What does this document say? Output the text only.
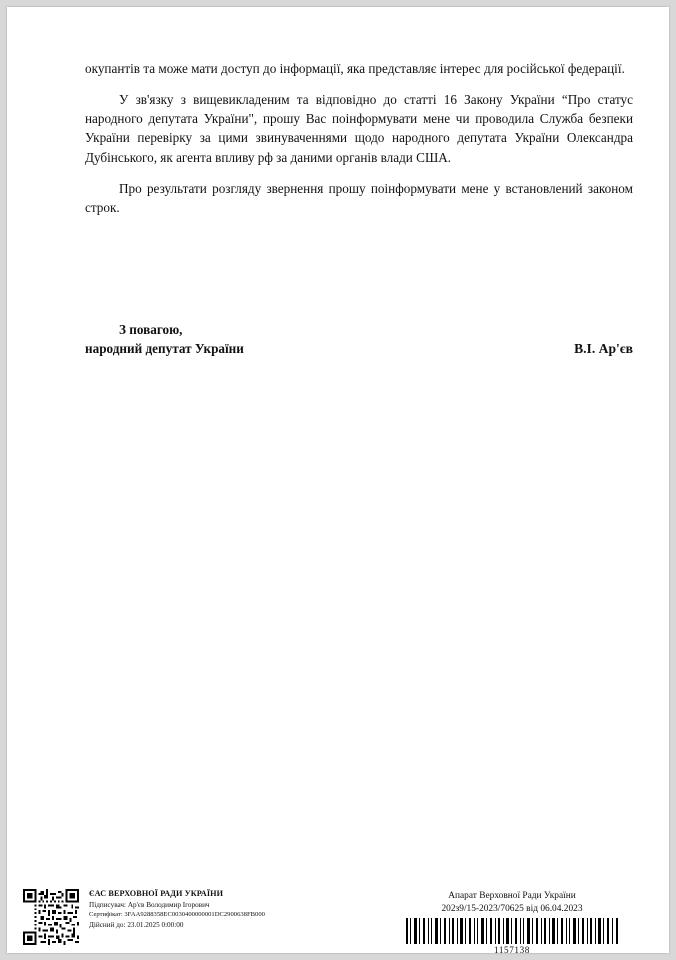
окупантів та може мати доступ до інформації, яка представляє інтерес для російської федерації.

У зв'язку з вищевикладеним та відповідно до статті 16 Закону України “Про статус народного депутата України", прошу Вас поінформувати мене чи проводила Служба безпеки України перевірку за цими звинуваченнями щодо народного депутата України Олександра Дубінського, як агента впливу рф за даними органів влади США.

Про результати розгляду звернення прошу поінформувати мене у встановлений законом строк.

З повагою,
народний депутат України	В.І. Ар'єв
ЄАС ВЕРХОВНОЇ РАДИ УКРАЇНИ
Підписувач: Ар'єв Володимир Ігорович
Сертифікат: 3FAA9288358EC0030400000001DC2900638FB000
Дійсний до: 23.01.2025 0:00:00
Апарат Верховної Ради України
202з9/15-2023/70625 від 06.04.2023
1157138
